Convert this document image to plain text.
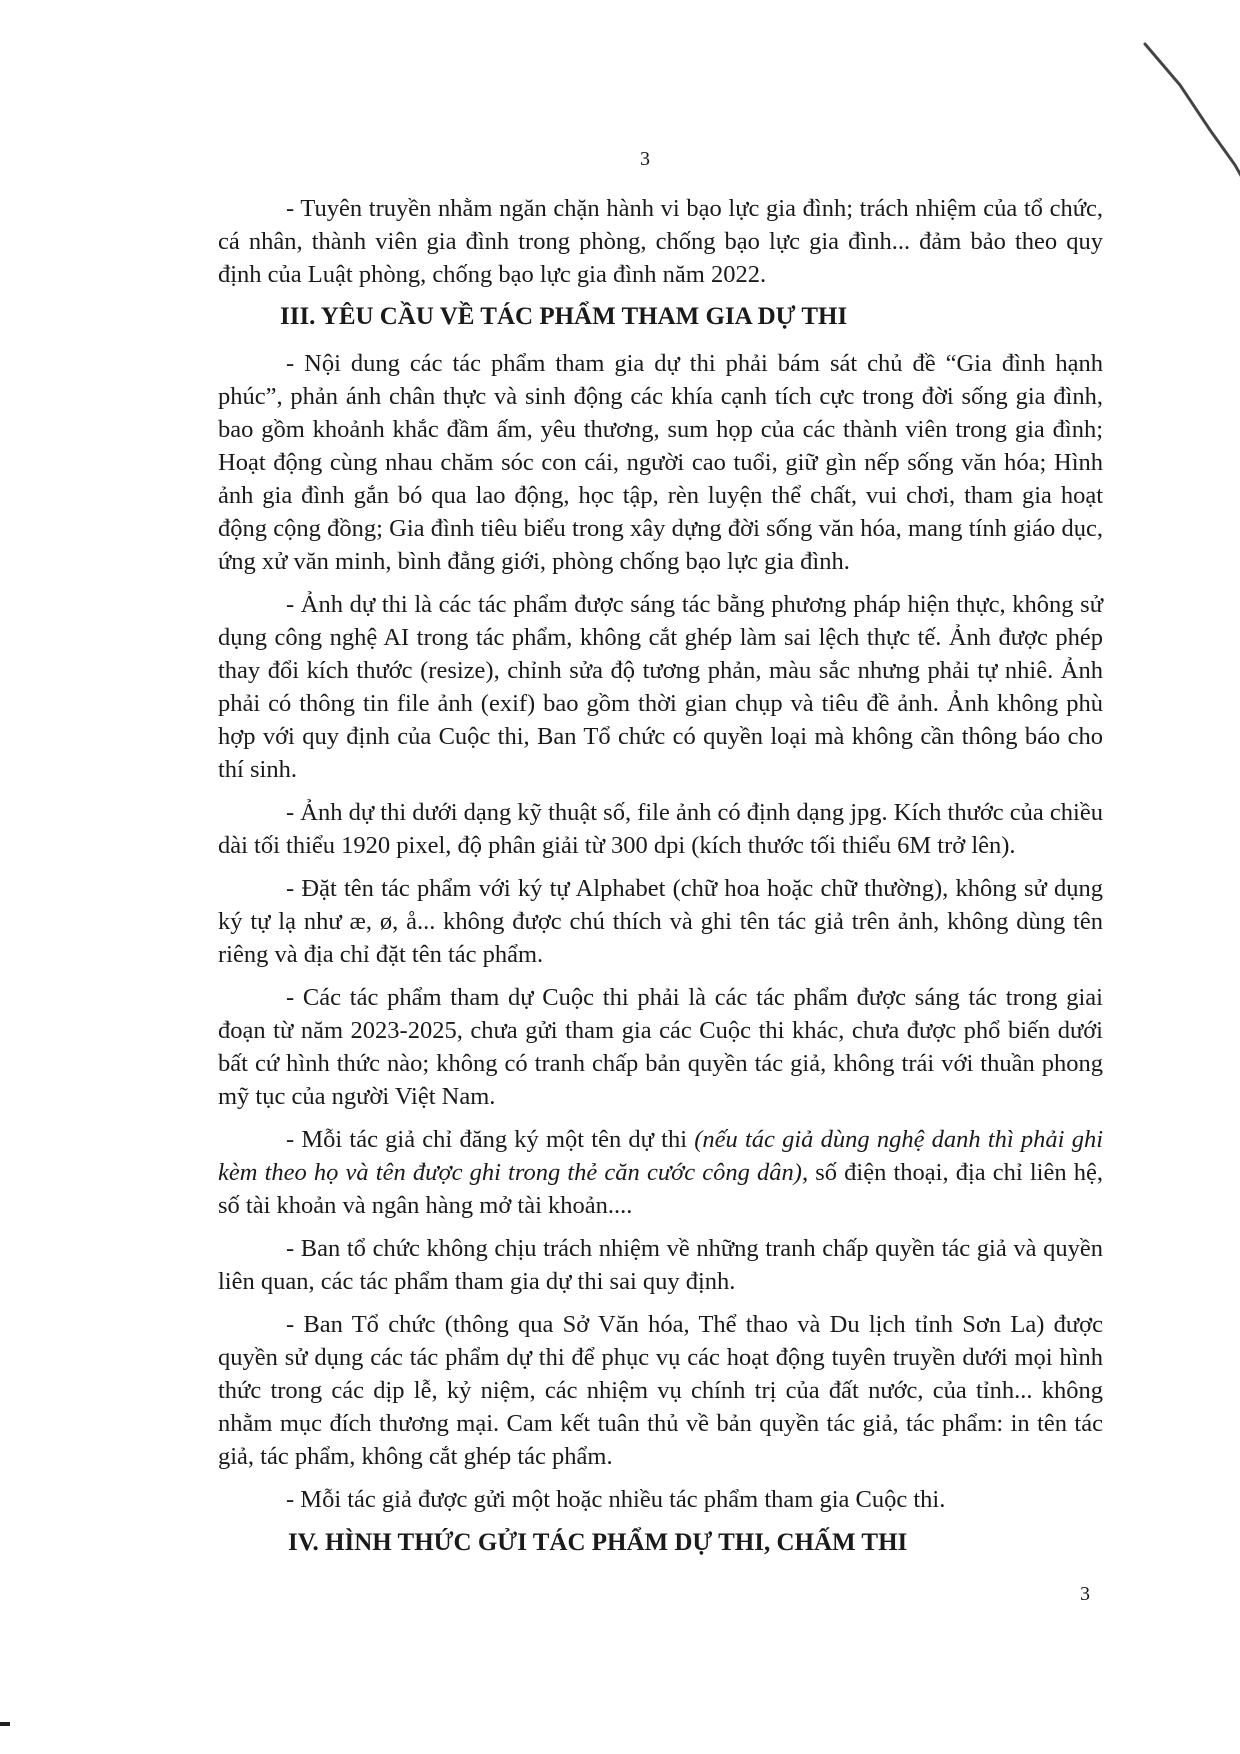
3

- Tuyên truyền nhằm ngăn chặn hành vi bạo lực gia đình; trách nhiệm của tổ chức, cá nhân, thành viên gia đình trong phòng, chống bạo lực gia đình... đảm bảo theo quy định của Luật phòng, chống bạo lực gia đình năm 2022.

III. YÊU CẦU VỀ TÁC PHẨM THAM GIA DỰ THI

- Nội dung các tác phẩm tham gia dự thi phải bám sát chủ đề “Gia đình hạnh phúc”, phản ánh chân thực và sinh động các khía cạnh tích cực trong đời sống gia đình, bao gồm khoảnh khắc đầm ấm, yêu thương, sum họp của các thành viên trong gia đình; Hoạt động cùng nhau chăm sóc con cái, người cao tuổi, giữ gìn nếp sống văn hóa; Hình ảnh gia đình gắn bó qua lao động, học tập, rèn luyện thể chất, vui chơi, tham gia hoạt động cộng đồng; Gia đình tiêu biểu trong xây dựng đời sống văn hóa, mang tính giáo dục, ứng xử văn minh, bình đẳng giới, phòng chống bạo lực gia đình.

- Ảnh dự thi là các tác phẩm được sáng tác bằng phương pháp hiện thực, không sử dụng công nghệ AI trong tác phẩm, không cắt ghép làm sai lệch thực tế. Ảnh được phép thay đổi kích thước (resize), chỉnh sửa độ tương phản, màu sắc nhưng phải tự nhiê. Ảnh phải có thông tin file ảnh (exif) bao gồm thời gian chụp và tiêu đề ảnh. Ảnh không phù hợp với quy định của Cuộc thi, Ban Tổ chức có quyền loại mà không cần thông báo cho thí sinh.

- Ảnh dự thi dưới dạng kỹ thuật số, file ảnh có định dạng jpg. Kích thước của chiều dài tối thiểu 1920 pixel, độ phân giải từ 300 dpi (kích thước tối thiểu 6M trở lên).

- Đặt tên tác phẩm với ký tự Alphabet (chữ hoa hoặc chữ thường), không sử dụng ký tự lạ như æ, ø, å... không được chú thích và ghi tên tác giả trên ảnh, không dùng tên riêng và địa chỉ đặt tên tác phẩm.

- Các tác phẩm tham dự Cuộc thi phải là các tác phẩm được sáng tác trong giai đoạn từ năm 2023-2025, chưa gửi tham gia các Cuộc thi khác, chưa được phổ biến dưới bất cứ hình thức nào; không có tranh chấp bản quyền tác giả, không trái với thuần phong mỹ tục của người Việt Nam.

- Mỗi tác giả chỉ đăng ký một tên dự thi (nếu tác giả dùng nghệ danh thì phải ghi kèm theo họ và tên được ghi trong thẻ căn cước công dân), số điện thoại, địa chỉ liên hệ, số tài khoản và ngân hàng mở tài khoản....

- Ban tổ chức không chịu trách nhiệm về những tranh chấp quyền tác giả và quyền liên quan, các tác phẩm tham gia dự thi sai quy định.

- Ban Tổ chức (thông qua Sở Văn hóa, Thể thao và Du lịch tỉnh Sơn La) được quyền sử dụng các tác phẩm dự thi để phục vụ các hoạt động tuyên truyền dưới mọi hình thức trong các dịp lễ, kỷ niệm, các nhiệm vụ chính trị của đất nước, của tỉnh... không nhằm mục đích thương mại. Cam kết tuân thủ về bản quyền tác giả, tác phẩm: in tên tác giả, tác phẩm, không cắt ghép tác phẩm.

- Mỗi tác giả được gửi một hoặc nhiều tác phẩm tham gia Cuộc thi.

IV. HÌNH THỨC GỬI TÁC PHẨM DỰ THI, CHẤM THI

3
